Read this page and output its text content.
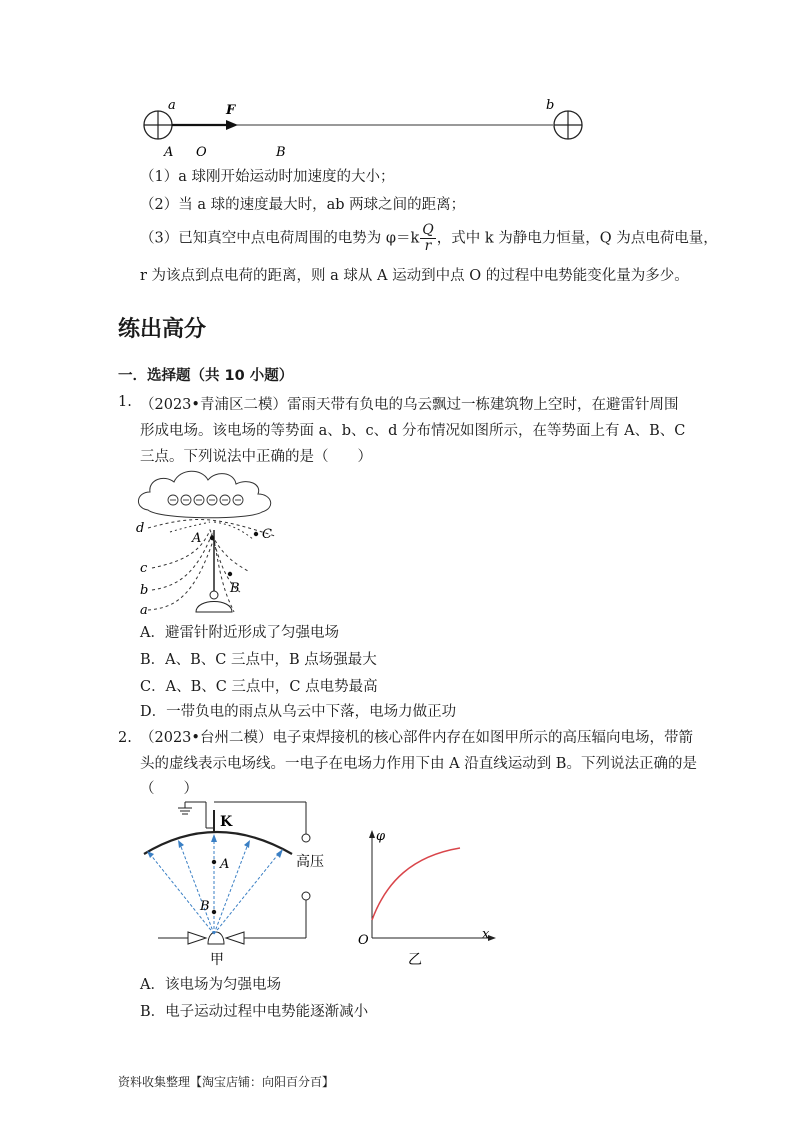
a	F	b
A O	B
（1）a 球刚开始运动时加速度的大小；
（2）当 a 球的速度最大时，ab 两球之间的距离；
（3）已知真空中点电荷周围的电势为 $\varphi=k \frac{Q}{r}$ ，式中 k 为静电力恒量，Q 为点电荷电量，
r 为该点到点电荷的距离，则 a 球从 A 运动到中点 O 的过程中电势能变化量为多少。
练出高分
一．选择题（共 10 小题）
1. （2023•青浦区二模）雷雨天带有负电的乌云飘过一栋建筑物上空时，在避雷针周围形成电场。该电场的等势面 a、b、c、d 分布情况如图所示，在等势面上有 A、B、C 三点。下列说法中正确的是（　　）
d
c
b
a
A	C
B
A．避雷针附近形成了匀强电场
B．A、B、C 三点中，B 点场强最大
C．A、B、C 三点中，C 点电势最高
D．一带负电的雨点从乌云中下落，电场力做正功
2. （2023•台州二模）电子束焊接机的核心部件内存在如图甲所示的高压辐向电场，带箭
头的虚线表示电场线。一电子在电场力作用下由 A 沿直线运动到 B。下列说法正确的是
（　　）
K
高压
A
B
甲
φ
x
O
乙
A．该电场为匀强电场
B．电子运动过程中电势能逐渐减小
资料收集整理【淘宝店铺：向阳百分百】
